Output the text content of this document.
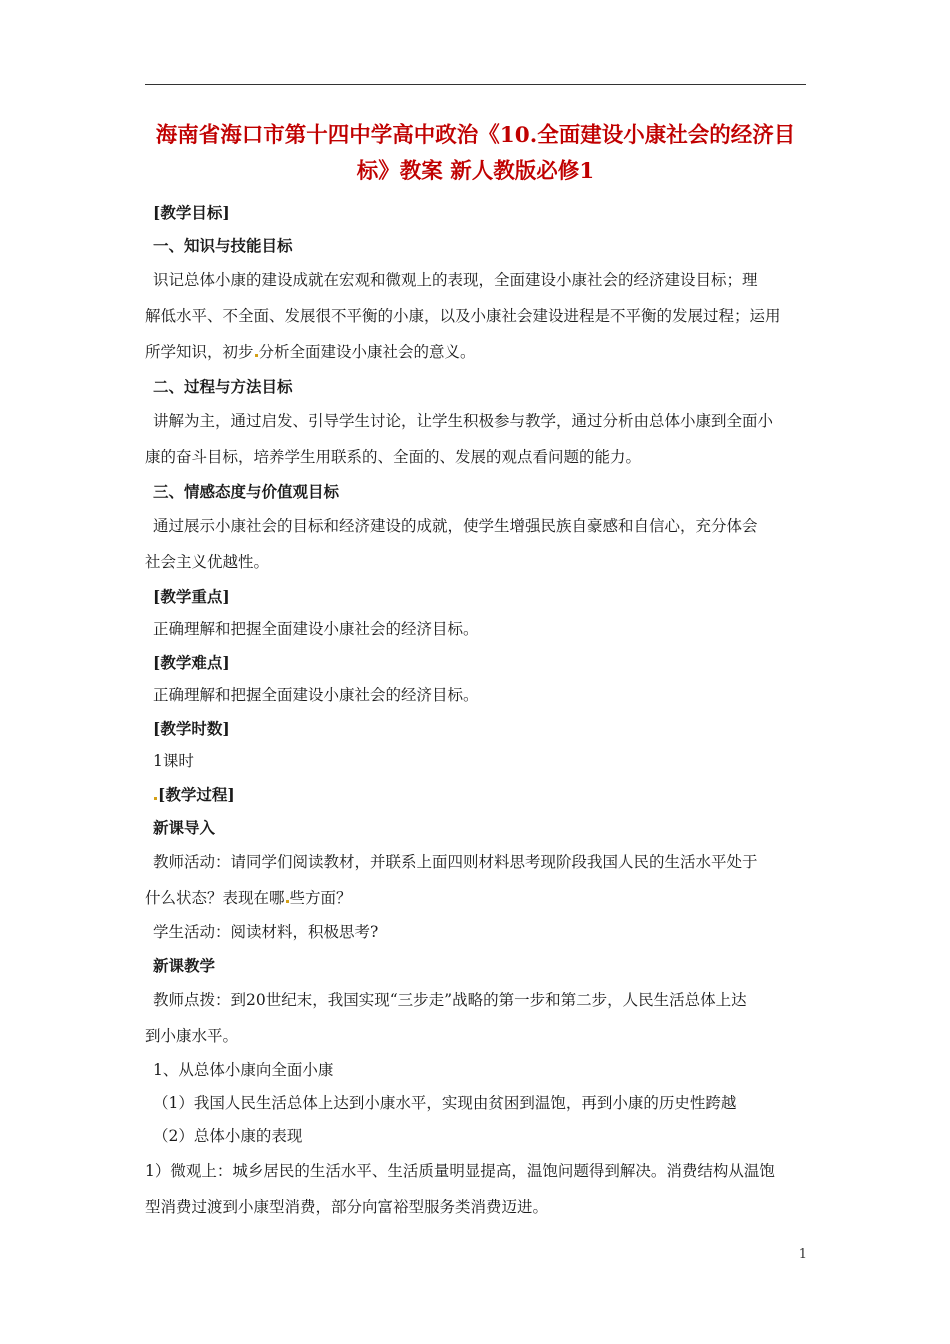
海南省海口市第十四中学高中政治《10.全面建设小康社会的经济目
标》教案 新人教版必修1
[教学目标]
一、知识与技能目标
识记总体小康的建设成就在宏观和微观上的表现，全面建设小康社会的经济建设目标；理
解低水平、不全面、发展很不平衡的小康，以及小康社会建设进程是不平衡的发展过程；运用
所学知识，初步 分析全面建设小康社会的意义。
二、过程与方法目标
讲解为主，通过启发、引导学生讨论，让学生积极参与教学，通过分析由总体小康到全面小
康的奋斗目标，培养学生用联系的、全面的、发展的观点看问题的能力。
三、情感态度与价值观目标
通过展示小康社会的目标和经济建设的成就，使学生增强民族自豪感和自信心，充分体会
社会主义优越性。
[教学重点]
正确理解和把握全面建设小康社会的经济目标。
[教学难点]
正确理解和把握全面建设小康社会的经济目标。
[教学时数]
1课时
[教学过程]
新课导入
教师活动：请同学们阅读教材，并联系上面四则材料思考现阶段我国人民的生活水平处于
什么状态？表现在哪 些方面？
学生活动：阅读材料，积极思考?
新课教学
教师点拨：到20世纪末，我国实现“三步走”战略的第一步和第二步，人民生活总体上达
到小康水平。
1、从总体小康向全面小康
（1）我国人民生活总体上达到小康水平，实现由贫困到温饱，再到小康的历史性跨越
（2）总体小康的表现
1）微观上：城乡居民的生活水平、生活质量明显提高，温饱问题得到解决。消费结构从温饱
型消费过渡到小康型消费，部分向富裕型服务类消费迈进。
1
